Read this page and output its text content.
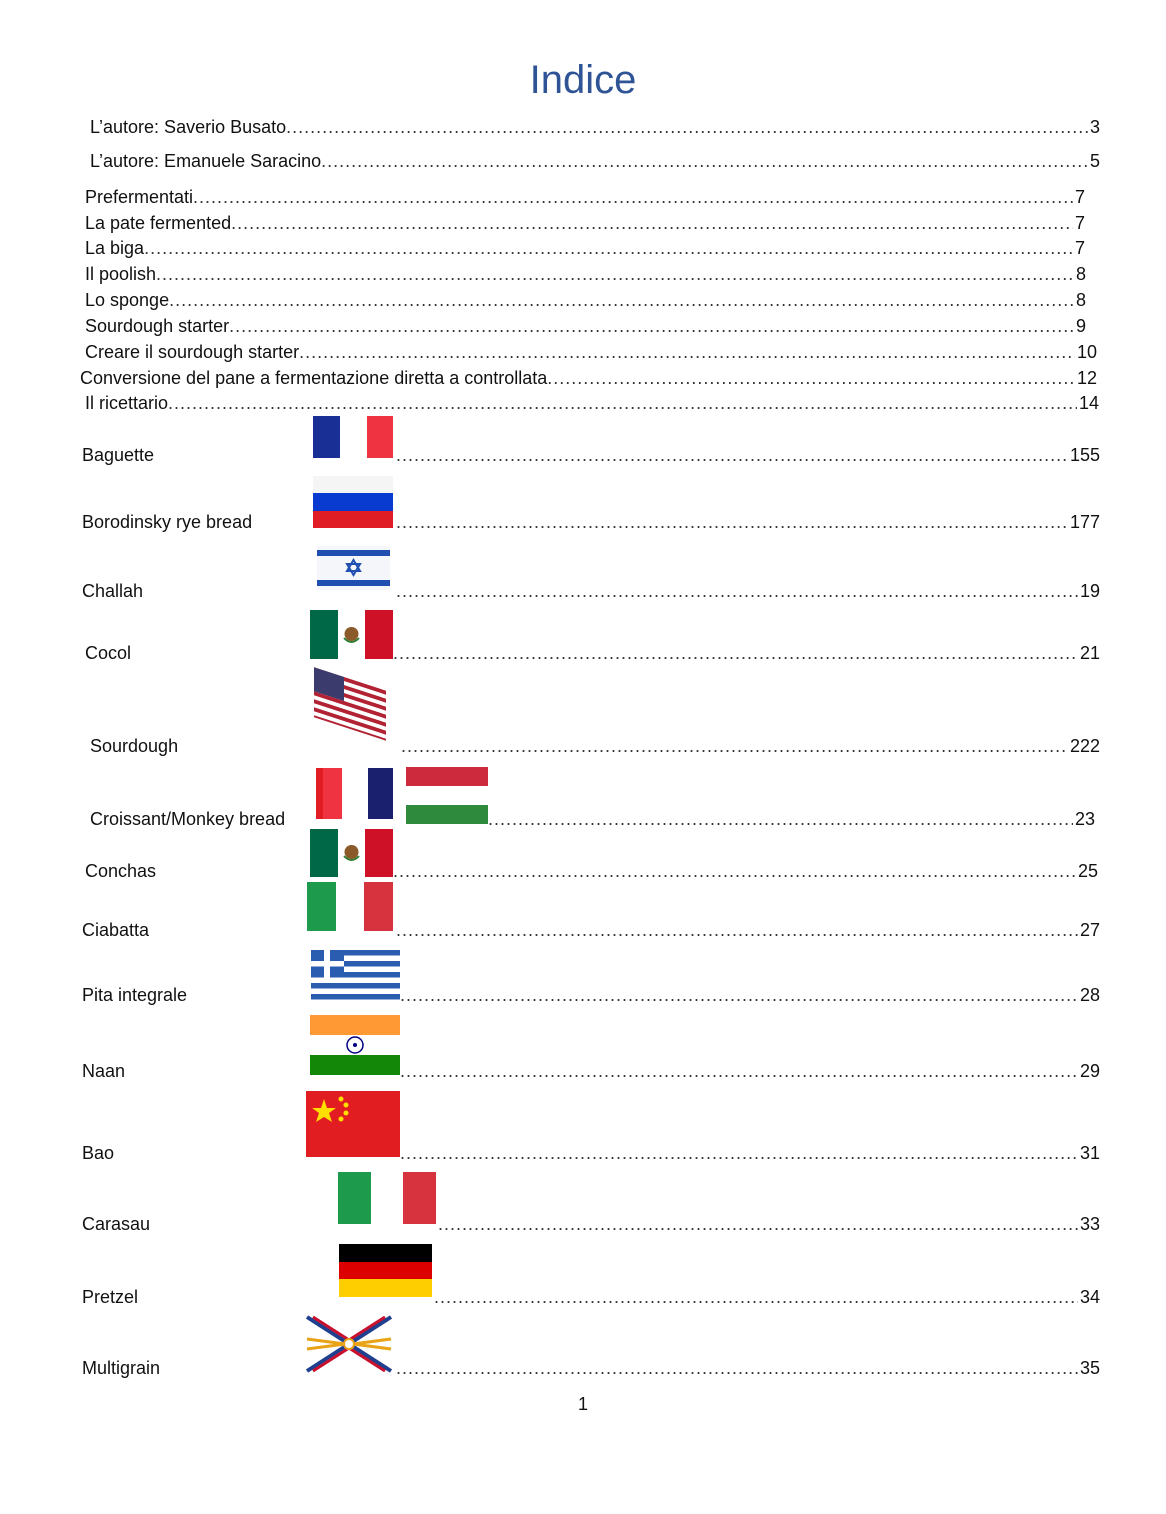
Indice
L’autore: Saverio Busato .....	3
L’autore: Emanuele Saracino .....	5
Prefermentati .....	7
La pate fermented .....	7
La biga .....	7
Il poolish .....	8
Lo sponge .....	8
Sourdough starter .....	9
Creare il sourdough starter .....	10
Conversione del pane a fermentazione diretta a controllata .....	12
Il ricettario .....	14
Baguette .....	155
Borodinsky rye bread .....	177
Challah .....	19
Cocol .....	21
Sourdough .....	222
Croissant/Monkey bread .....	23
Conchas .....	25
Ciabatta .....	27
Pita integrale .....	28
Naan .....	29
Bao .....	31
Carasau .....	33
Pretzel .....	34
Multigrain .....	35
1
